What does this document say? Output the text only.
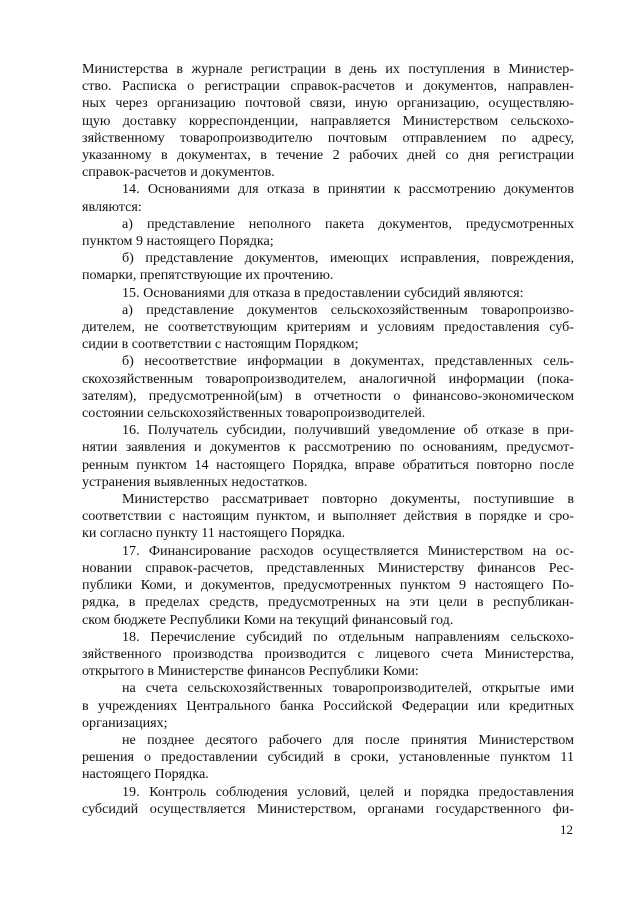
Министерства в журнале регистрации в день их поступления в Министер-
ство. Расписка о регистрации справок-расчетов и документов, направлен-
ных через организацию почтовой связи, иную организацию, осуществляю-
щую доставку корреспонденции, направляется Министерством сельскохо-
зяйственному товаропроизводителю почтовым отправлением по адресу,
указанному в документах, в течение 2 рабочих дней со дня регистрации
справок-расчетов и документов.
14. Основаниями для отказа в принятии к рассмотрению документов
являются:
а) представление неполного пакета документов, предусмотренных
пунктом 9 настоящего Порядка;
б) представление документов, имеющих исправления, повреждения,
помарки, препятствующие их прочтению.
15. Основаниями для отказа в предоставлении субсидий являются:
а) представление документов сельскохозяйственным товаропроизво-
дителем, не соответствующим критериям и условиям предоставления суб-
сидии в соответствии с настоящим Порядком;
б) несоответствие информации в документах, представленных сель-
скохозяйственным товаропроизводителем, аналогичной информации (пока-
зателям), предусмотренной(ым) в отчетности о финансово-экономическом
состоянии сельскохозяйственных товаропроизводителей.
16. Получатель субсидии, получивший уведомление об отказе в при-
нятии заявления и документов к рассмотрению по основаниям, предусмот-
ренным пунктом 14 настоящего Порядка, вправе обратиться повторно после
устранения выявленных недостатков.
Министерство рассматривает повторно документы, поступившие в
соответствии с настоящим пунктом, и выполняет действия в порядке и сро-
ки согласно пункту 11 настоящего Порядка.
17. Финансирование расходов осуществляется Министерством на ос-
новании справок-расчетов, представленных Министерству финансов Рес-
публики Коми, и документов, предусмотренных пунктом 9 настоящего По-
рядка, в пределах средств, предусмотренных на эти цели в республикан-
ском бюджете Республики Коми на текущий финансовый год.
18. Перечисление субсидий по отдельным направлениям сельскохо-
зяйственного производства производится с лицевого счета Министерства,
открытого в Министерстве финансов Республики Коми:
на счета сельскохозяйственных товаропроизводителей, открытые ими
в учреждениях Центрального банка Российской Федерации или кредитных
организациях;
не позднее десятого рабочего для после принятия Министерством
решения о предоставлении субсидий в сроки, установленные пунктом 11
настоящего Порядка.
19. Контроль соблюдения условий, целей и порядка предоставления
субсидий осуществляется Министерством, органами государственного фи-
12
